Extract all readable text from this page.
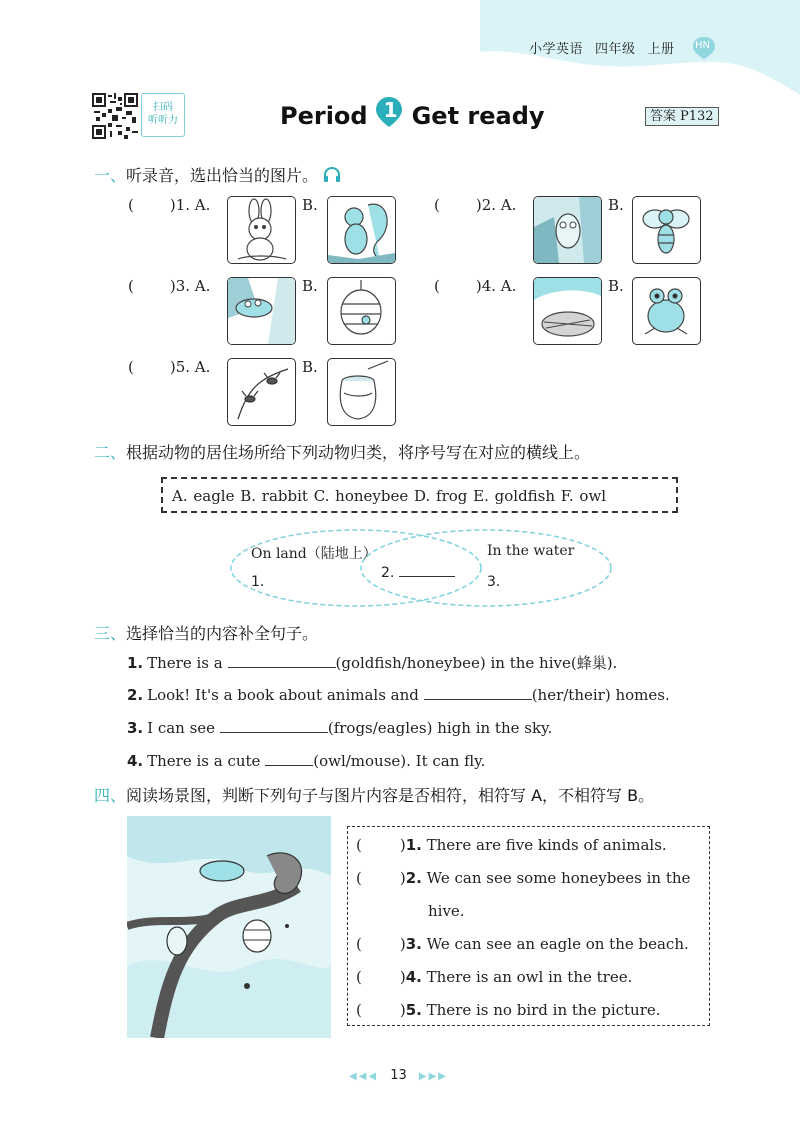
小学英语 四年级 上册	HN
扫码
听听力	Period 1 Get ready	答案 P132
一、听录音，选出恰当的图片。
( )1. A.	B.	( )2. A.	B.
( )3. A.	B.	( )4. A.	B.
( )5. A.	B.
二、根据动物的居住场所给下列动物归类，将序号写在对应的横线上。
A. eagle B. rabbit C. honeybee D. frog E. goldfish F. owl
On land（陆地上）	In the water
1.
2.
3.
三、选择恰当的内容补全句子。
1. There is a	(goldfish/honeybee) in the hive(蜂巢).
2. Look! It's a book about animals and	(her/their) homes.
3. I can see	(frogs/eagles) high in the sky.
4. There is a cute	(owl/mouse). It can fly.
四、阅读场景图，判断下列句子与图片内容是否相符，相符写 A，不相符写 B。
(	)1. There are five kinds of animals.
(	)2. We can see some honeybees in the
hive.
(	)3. We can see an eagle on the beach.
(	)4. There is an owl in the tree.
(	)5. There is no bird in the picture.
◀◀◀ 13 ▶▶▶
